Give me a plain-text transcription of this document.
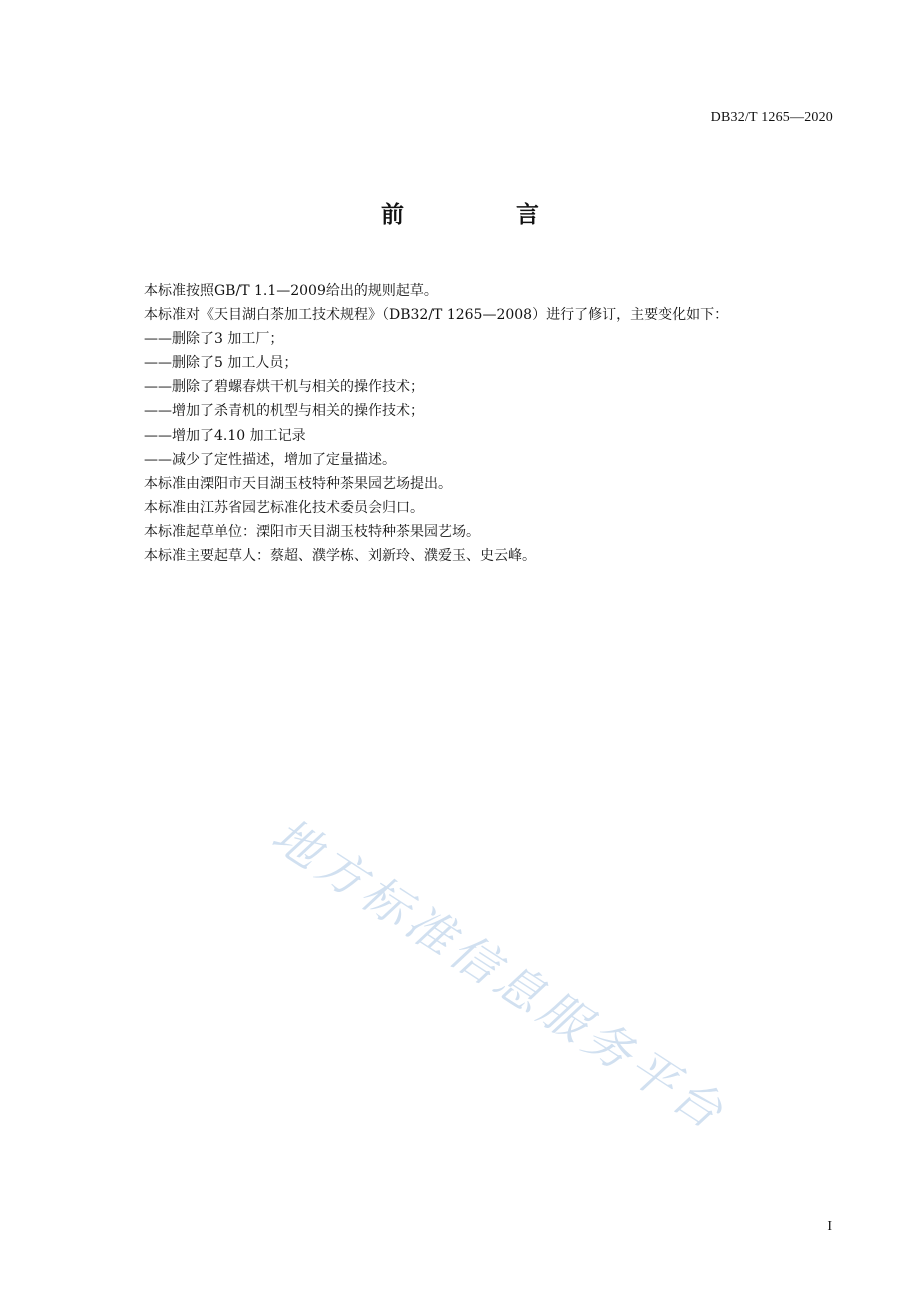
DB32/T 1265—2020
前 言
本标准按照GB/T 1.1—2009给出的规则起草。
本标准对《天目湖白茶加工技术规程》（DB32/T 1265—2008）进行了修订，主要变化如下：
——删除了3 加工厂；
——删除了5 加工人员；
——删除了碧螺春烘干机与相关的操作技术；
——增加了杀青机的机型与相关的操作技术；
——增加了4.10 加工记录
——减少了定性描述，增加了定量描述。
本标准由溧阳市天目湖玉枝特种茶果园艺场提出。
本标准由江苏省园艺标准化技术委员会归口。
本标准起草单位：溧阳市天目湖玉枝特种茶果园艺场。
本标准主要起草人：蔡超、濮学栋、刘新玲、濮爱玉、史云峰。
地方标准信息服务平台
I
